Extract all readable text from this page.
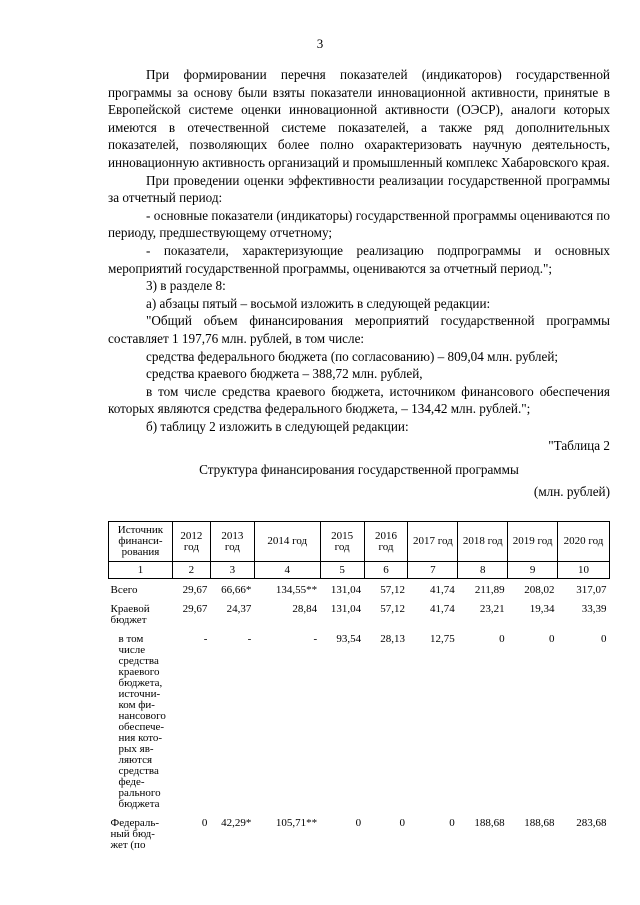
3

При формировании перечня показателей (индикаторов) государственной программы за основу были взяты показатели инновационной активности, принятые в Европейской системе оценки инновационной активности (ОЭСР), аналоги которых имеются в отечественной системе показателей, а также ряд дополнительных показателей, позволяющих более полно охарактеризовать научную деятельность, инновационную активность организаций и промышленный комплекс Хабаровского края.

При проведении оценки эффективности реализации государственной программы за отчетный период:

- основные показатели (индикаторы) государственной программы оцениваются по периоду, предшествующему отчетному;

- показатели, характеризующие реализацию подпрограммы и основных мероприятий государственной программы, оцениваются за отчетный период.";

3) в разделе 8:

а) абзацы пятый – восьмой изложить в следующей редакции:

"Общий объем финансирования мероприятий государственной программы составляет 1 197,76 млн. рублей, в том числе:

средства федерального бюджета (по согласованию) – 809,04 млн. рублей;

средства краевого бюджета – 388,72 млн. рублей,

в том числе средства краевого бюджета, источником финансового обеспечения которых являются средства федерального бюджета, – 134,42 млн. рублей.";

б) таблицу 2 изложить в следующей редакции:

"Таблица 2

Структура финансирования государственной программы

(млн. рублей)

Источник финанси-рования	2012 год	2013 год	2014 год	2015 год	2016 год	2017 год	2018 год	2019 год	2020 год
1	2	3	4	5	6	7	8	9	10
Всего	29,67	66,66*	134,55**	131,04	57,12	41,74	211,89	208,02	317,07
Краевой бюджет	29,67	24,37	28,84	131,04	57,12	41,74	23,21	19,34	33,39
в том числе средства краевого бюджета, источни-ком фи-нансового обеспече-ния кото-рых яв-ляются средства феде-рального бюджета	-	-	-	93,54	28,13	12,75	0	0	0
Федераль-ный бюд-жет (по	0	42,29*	105,71**	0	0	0	188,68	188,68	283,68
